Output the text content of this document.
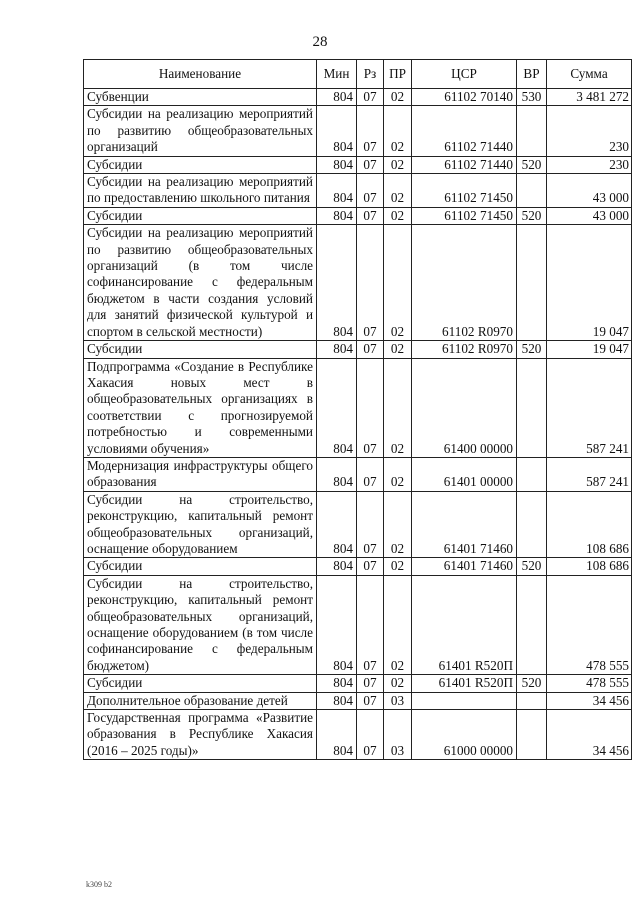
28
Наименование	Мин	Рз	ПР	ЦСР	ВР	Сумма
Субвенции	804	07	02	61102 70140	530	3 481 272
Субсидии на реализацию мероприятий по развитию общеобразовательных организаций	804	07	02	61102 71440		230
Субсидии	804	07	02	61102 71440	520	230
Субсидии на реализацию мероприятий по предоставлению школьного питания	804	07	02	61102 71450		43 000
Субсидии	804	07	02	61102 71450	520	43 000
Субсидии на реализацию мероприятий по развитию общеобразовательных организаций (в том числе софинансирование с федеральным бюджетом в части создания условий для занятий физической культурой и спортом в сельской местности)	804	07	02	61102 R0970		19 047
Субсидии	804	07	02	61102 R0970	520	19 047
Подпрограмма «Создание в Республике Хакасия новых мест в общеобразовательных организациях в соответствии с прогнозируемой потребностью и современными условиями обучения»	804	07	02	61400 00000		587 241
Модернизация инфраструктуры общего образования	804	07	02	61401 00000		587 241
Субсидии на строительство, реконструкцию, капитальный ремонт общеобразовательных организаций, оснащение оборудованием	804	07	02	61401 71460		108 686
Субсидии	804	07	02	61401 71460	520	108 686
Субсидии на строительство, реконструкцию, капитальный ремонт общеобразовательных организаций, оснащение оборудованием (в том числе софинансирование с федеральным бюджетом)	804	07	02	61401 R520П		478 555
Субсидии	804	07	02	61401 R520П	520	478 555
Дополнительное образование детей	804	07	03			34 456
Государственная программа «Развитие образования в Республике Хакасия (2016 – 2025 годы)»	804	07	03	61000 00000		34 456
k309 b2
